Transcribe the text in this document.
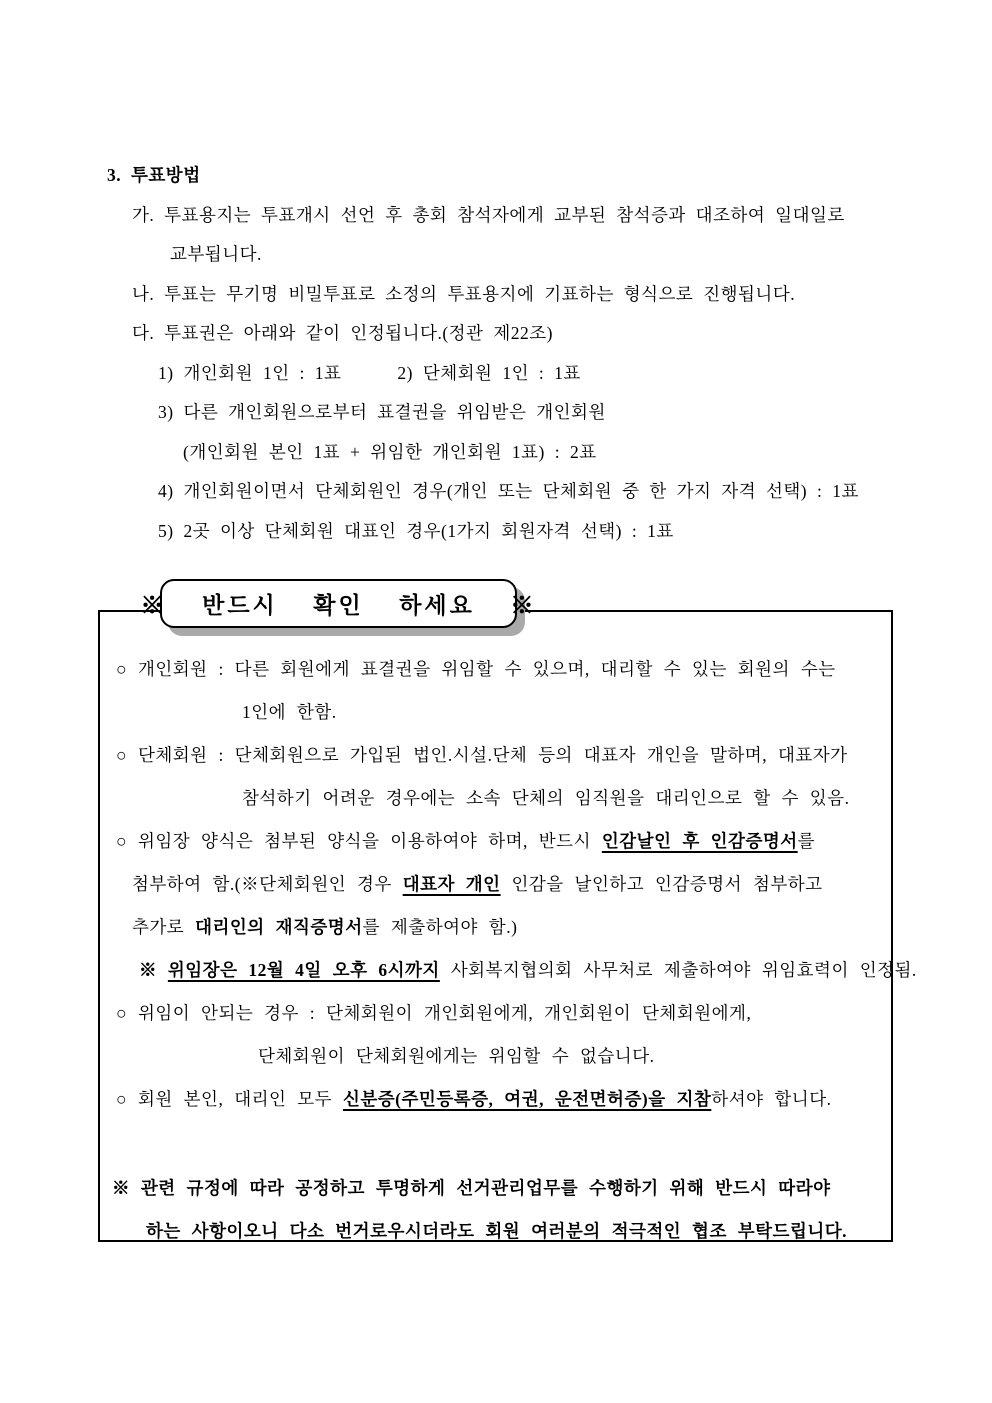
3. 투표방법
가. 투표용지는 투표개시 선언 후 총회 참석자에게 교부된 참석증과 대조하여 일대일로
교부됩니다.
나. 투표는 무기명 비밀투표로 소정의 투표용지에 기표하는 형식으로 진행됩니다.
다. 투표권은 아래와 같이 인정됩니다.(정관 제22조)
1) 개인회원 1인 : 1표	2) 단체회원 1인 : 1표
3) 다른 개인회원으로부터 표결권을 위임받은 개인회원
(개인회원 본인 1표 + 위임한 개인회원 1표) : 2표
4) 개인회원이면서 단체회원인 경우(개인 또는 단체회원 중 한 가지 자격 선택) : 1표
5) 2곳 이상 단체회원 대표인 경우(1가지 회원자격 선택) : 1표
※  반드시  확인  하세요  ※
○ 개인회원 : 다른 회원에게 표결권을 위임할 수 있으며, 대리할 수 있는 회원의 수는
1인에 한함.
○ 단체회원 : 단체회원으로 가입된 법인.시설.단체 등의 대표자 개인을 말하며, 대표자가
참석하기 어려운 경우에는 소속 단체의 임직원을 대리인으로 할 수 있음.
○ 위임장 양식은 첨부된 양식을 이용하여야 하며, 반드시 인감날인 후 인감증명서를
첨부하여 함.(※단체회원인 경우 대표자 개인 인감을 날인하고 인감증명서 첨부하고
추가로 대리인의 재직증명서를 제출하여야 함.)
※ 위임장은 12월 4일 오후 6시까지 사회복지협의회 사무처로 제출하여야 위임효력이 인정됨.
○ 위임이 안되는 경우 : 단체회원이 개인회원에게, 개인회원이 단체회원에게,
단체회원이 단체회원에게는 위임할 수 없습니다.
○ 회원 본인, 대리인 모두 신분증(주민등록증, 여권, 운전면허증)을 지참하셔야 합니다.
※ 관련 규정에 따라 공정하고 투명하게 선거관리업무를 수행하기 위해 반드시 따라야
하는 사항이오니 다소 번거로우시더라도 회원 여러분의 적극적인 협조 부탁드립니다.
